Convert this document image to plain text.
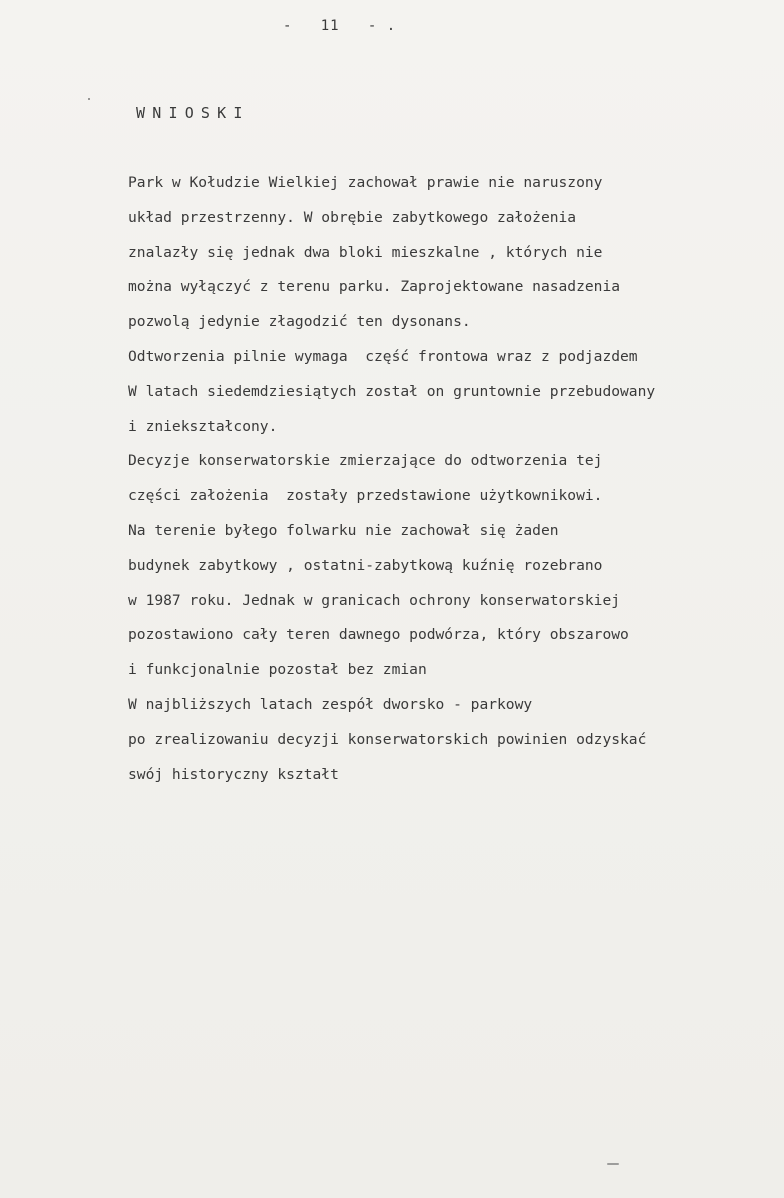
-   11   - .
WNIOSKI
Park w Kołudzie Wielkiej zachował prawie nie naruszony
układ przestrzenny. W obrębie zabytkowego założenia
znalazły się jednak dwa bloki mieszkalne , których nie
można wyłączyć z terenu parku. Zaprojektowane nasadzenia
pozwolą jedynie złagodzić ten dysonans.
Odtworzenia pilnie wymaga  część frontowa wraz z podjazdem
W latach siedemdziesiątych został on gruntownie przebudowany
i zniekształcony.
Decyzje konserwatorskie zmierzające do odtworzenia tej
części założenia  zostały przedstawione użytkownikowi.
Na terenie byłego folwarku nie zachował się żaden
budynek zabytkowy , ostatni-zabytkową kuźnię rozebrano
w 1987 roku. Jednak w granicach ochrony konserwatorskiej
pozostawiono cały teren dawnego podwórza, który obszarowo
i funkcjonalnie pozostał bez zmian
W najbliższych latach zespół dworsko - parkowy
po zrealizowaniu decyzji konserwatorskich powinien odzyskać
swój historyczny kształt
